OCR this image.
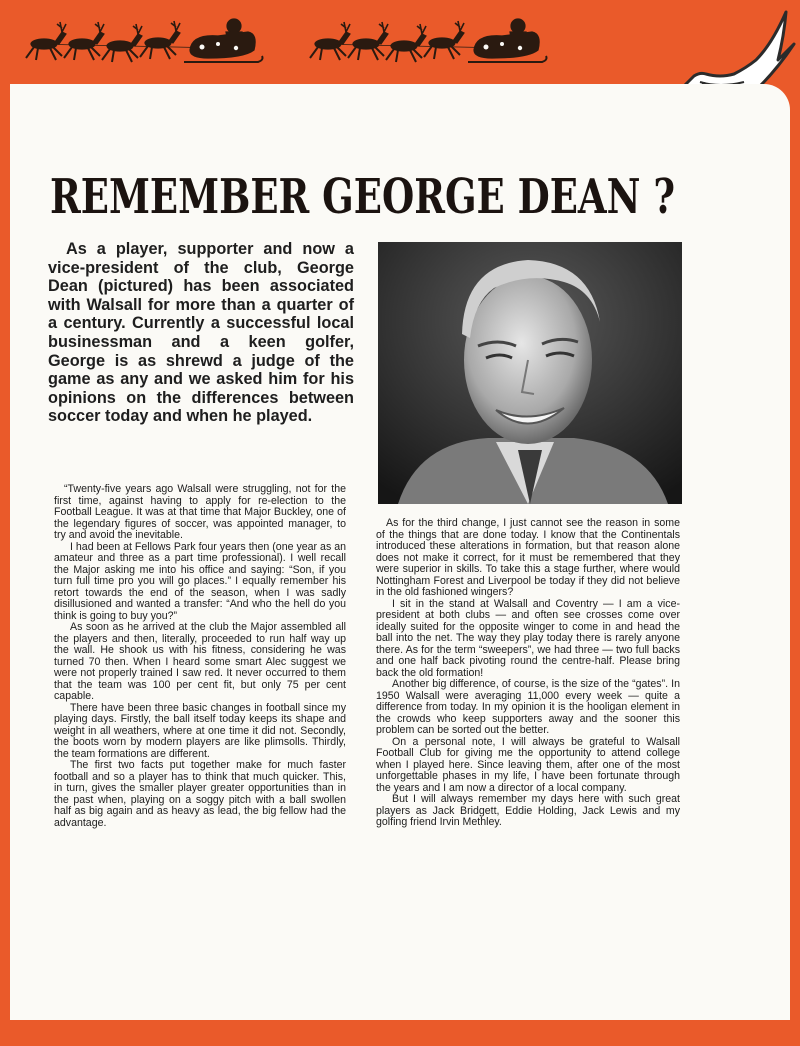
REMEMBER GEORGE DEAN ?

As a player, supporter and now a vice-president of the club, George Dean (pictured) has been associated with Walsall for more than a quarter of a century. Currently a successful local businessman and a keen golfer, George is as shrewd a judge of the game as any and we asked him for his opinions on the differences between soccer today and when he played.

“Twenty-five years ago Walsall were struggling, not for the first time, against having to apply for re-election to the Football League. It was at that time that Major Buckley, one of the legendary figures of soccer, was appointed manager, to try and avoid the inevitable.

I had been at Fellows Park four years then (one year as an amateur and three as a part time professional). I well recall the Major asking me into his office and saying: “Son, if you turn full time pro you will go places.” I equally remember his retort towards the end of the season, when I was sadly disillusioned and wanted a transfer: “And who the hell do you think is going to buy you?”

As soon as he arrived at the club the Major assembled all the players and then, literally, proceeded to run half way up the wall. He shook us with his fitness, considering he was turned 70 then. When I heard some smart Alec suggest we were not properly trained I saw red. It never occurred to them that the team was 100 per cent fit, but only 75 per cent capable.

There have been three basic changes in football since my playing days. Firstly, the ball itself today keeps its shape and weight in all weathers, where at one time it did not. Secondly, the boots worn by modern players are like plimsolls. Thirdly, the team formations are different.

The first two facts put together make for much faster football and so a player has to think that much quicker. This, in turn, gives the smaller player greater opportunities than in the past when, playing on a soggy pitch with a ball swollen half as big again and as heavy as lead, the big fellow had the advantage.

As for the third change, I just cannot see the reason in some of the things that are done today. I know that the Continentals introduced these alterations in formation, but that reason alone does not make it correct, for it must be remembered that they were superior in skills. To take this a stage further, where would Nottingham Forest and Liverpool be today if they did not believe in the old fashioned wingers?

I sit in the stand at Walsall and Coventry — I am a vice-president at both clubs — and often see crosses come over ideally suited for the opposite winger to come in and head the ball into the net. The way they play today there is rarely anyone there. As for the term “sweepers”, we had three — two full backs and one half back pivoting round the centre-half. Please bring back the old formation!

Another big difference, of course, is the size of the “gates”. In 1950 Walsall were averaging 11,000 every week — quite a difference from today. In my opinion it is the hooligan element in the crowds who keep supporters away and the sooner this problem can be sorted out the better.

On a personal note, I will always be grateful to Walsall Football Club for giving me the opportunity to attend college when I played here. Since leaving them, after one of the most unforgettable phases in my life, I have been fortunate through the years and I am now a director of a local company.

But I will always remember my days here with such great players as Jack Bridgett, Eddie Holding, Jack Lewis and my golfing friend Irvin Methley.
